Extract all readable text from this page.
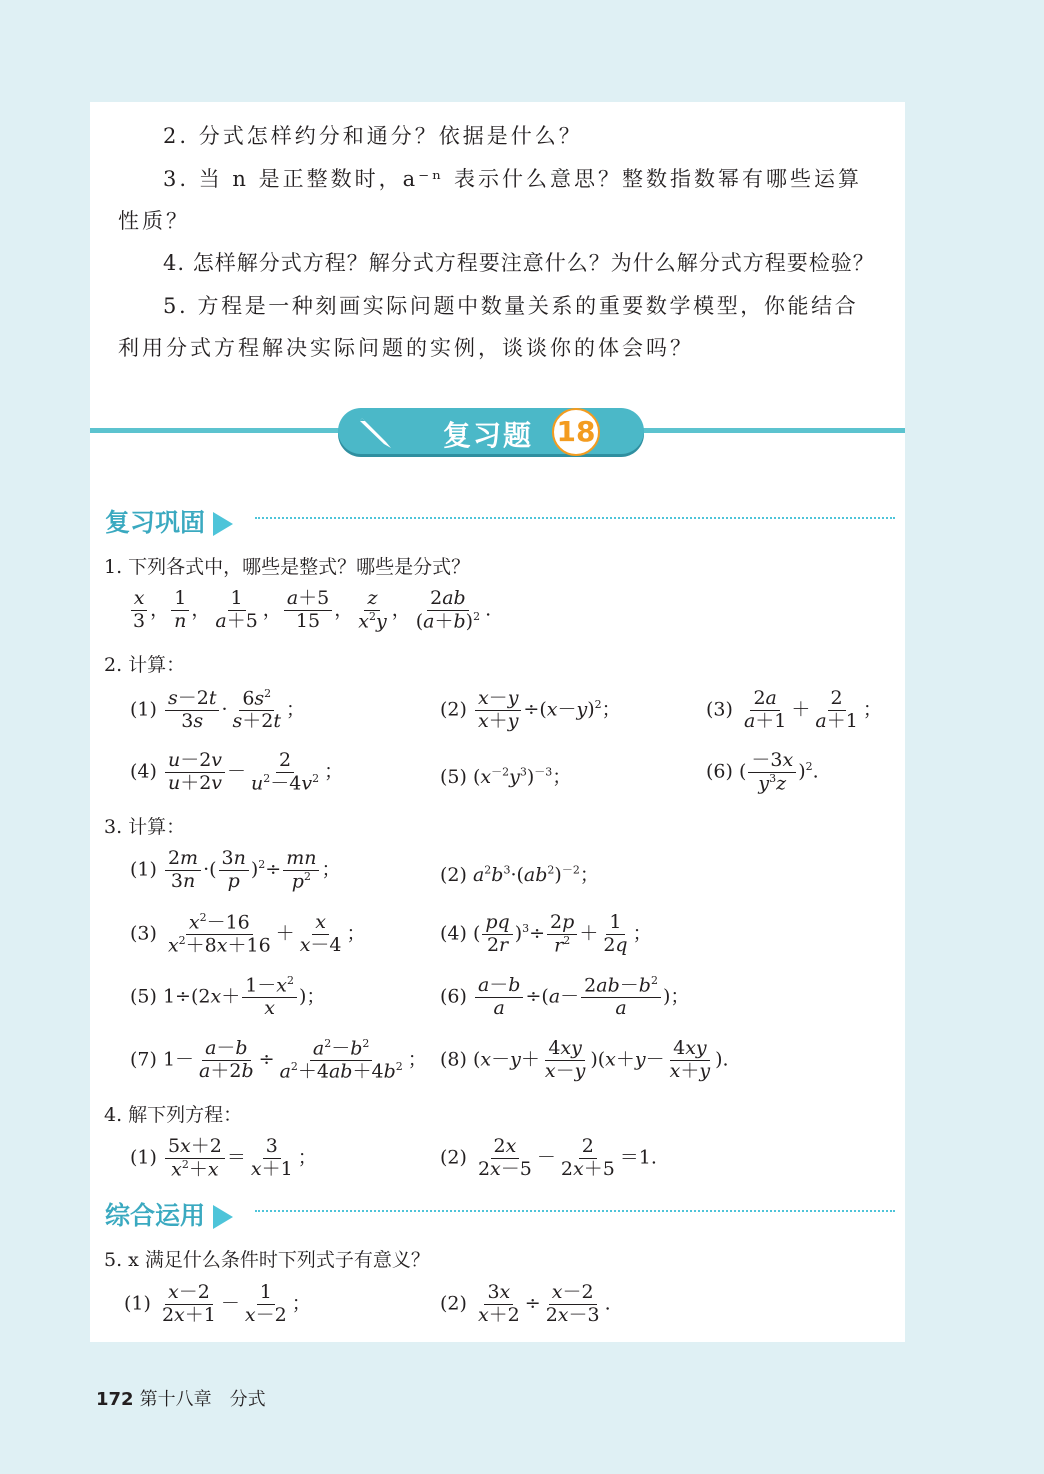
2. 分式怎样约分和通分？依据是什么？
3. 当 n 是正整数时，a⁻ⁿ 表示什么意思？整数指数幂有哪些运算
性质？
4. 怎样解分式方程？解分式方程要注意什么？为什么解分式方程要检验？
5. 方程是一种刻画实际问题中数量关系的重要数学模型，你能结合
利用分式方程解决实际问题的实例，谈谈你的体会吗？
复习题 18
复习巩固
1. 下列各式中，哪些是整式？哪些是分式？
$\frac{x}{3}$ ， $\frac{1}{n}$ ， $\frac{1}{a+5}$ ， $\frac{a+5}{15}$ ， $\frac{z}{x^2y}$ ， $\frac{2ab}{(a+b)^2}$ .
2. 计算：
$(1) \frac{s-2t}{3s} \cdot \frac{6s^2}{s+2t}$ ；	$(2) \frac{x-y}{x+y} \div(x-y)^2$；	$(3) \frac{2a}{a+1} + \frac{2}{a+1}$ ；
$(4) \frac{u-2v}{u+2v} - \frac{2}{u^2-4v^2}$ ；	(5) $(x^{-2}y^3)^{-3}$；	(6) ( $\frac{-3x}{y^3z} )^2$.
3. 计算：
$(1) \frac{2m}{3n}$ ·( $\frac{3n}{p} )^2\div \frac{mn}{p^2}$ ；	(2) $a^2b^3\cdot(ab^2)^{-2}$；
$(3) \frac{x^2-16}{x^2+8x+16} + \frac{x}{x-4}$ ；	(4) ( $\frac{pq}{2r} )^3\div \frac{2p}{r^2} + \frac{1}{2q}$ ；
(5) $1\div(2x+ \frac{1-x^2}{x}$ )；	$(6) \frac{a-b}{a} \div(a- \frac{2ab-b^2}{a}$ )；
(7) $1- \frac{a-b}{a+2b} \div \frac{a^2-b^2}{a^2+4ab+4b^2}$ ； (8) $(x-y+ \frac{4xy}{x-y} )(x+y- \frac{4xy}{x+y}$ ).
4. 解下列方程：
$(1) \frac{5x+2}{x^2+x} = \frac{3}{x+1}$ ；	$(2) \frac{2x}{2x-5} - \frac{2}{2x+5} =1$.
综合运用
5. x 满足什么条件时下列式子有意义？
$(1) \frac{x-2}{2x+1} - \frac{1}{x-2}$ ；	$(2) \frac{3x}{x+2} \div \frac{x-2}{2x-3}$ .
172 第十八章　分式
